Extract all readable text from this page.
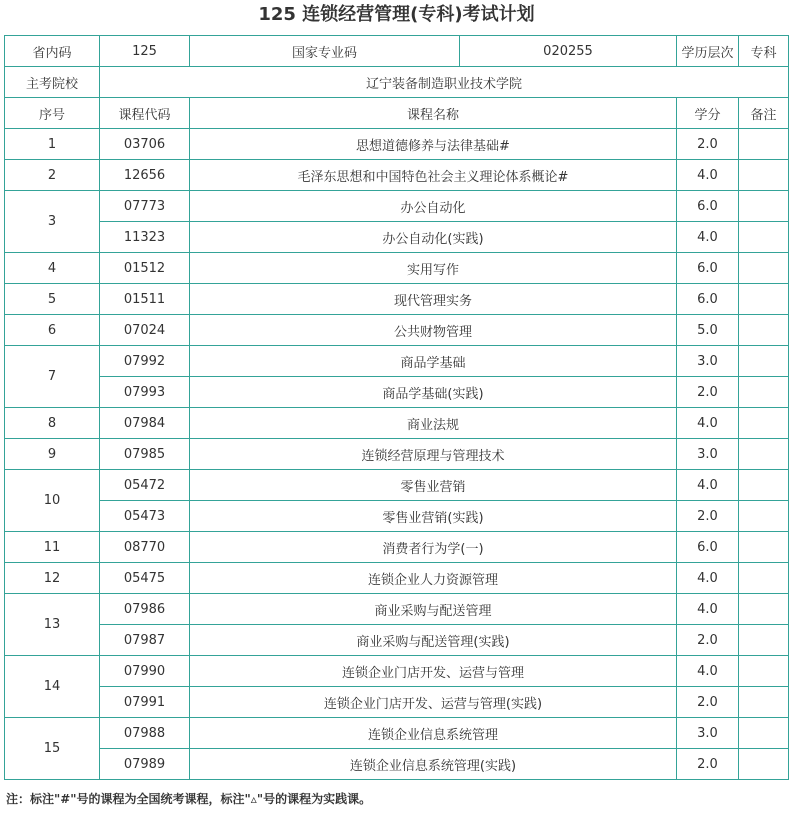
125 连锁经营管理(专科)考试计划
省内码	125	国家专业码	020255	学历层次	专科
主考院校	辽宁装备制造职业技术学院				
序号	课程代码	课程名称		学分	备注
1	03706	思想道德修养与法律基础#		2.0	
2	12656	毛泽东思想和中国特色社会主义理论体系概论#		4.0	
3	07773	办公自动化		6.0	
	11323	办公自动化(实践)		4.0	
4	01512	实用写作		6.0	
5	01511	现代管理实务		6.0	
6	07024	公共财物管理		5.0	
7	07992	商品学基础		3.0	
	07993	商品学基础(实践)		2.0	
8	07984	商业法规		4.0	
9	07985	连锁经营原理与管理技术		3.0	
10	05472	零售业营销		4.0	
	05473	零售业营销(实践)		2.0	
11	08770	消费者行为学(一)		6.0	
12	05475	连锁企业人力资源管理		4.0	
13	07986	商业采购与配送管理		4.0	
	07987	商业采购与配送管理(实践)		2.0	
14	07990	连锁企业门店开发、运营与管理		4.0	
	07991	连锁企业门店开发、运营与管理(实践)		2.0	
15	07988	连锁企业信息系统管理		3.0	
	07989	连锁企业信息系统管理(实践)		2.0	
注：标注"#"号的课程为全国统考课程，标注"▵"号的课程为实践课。
